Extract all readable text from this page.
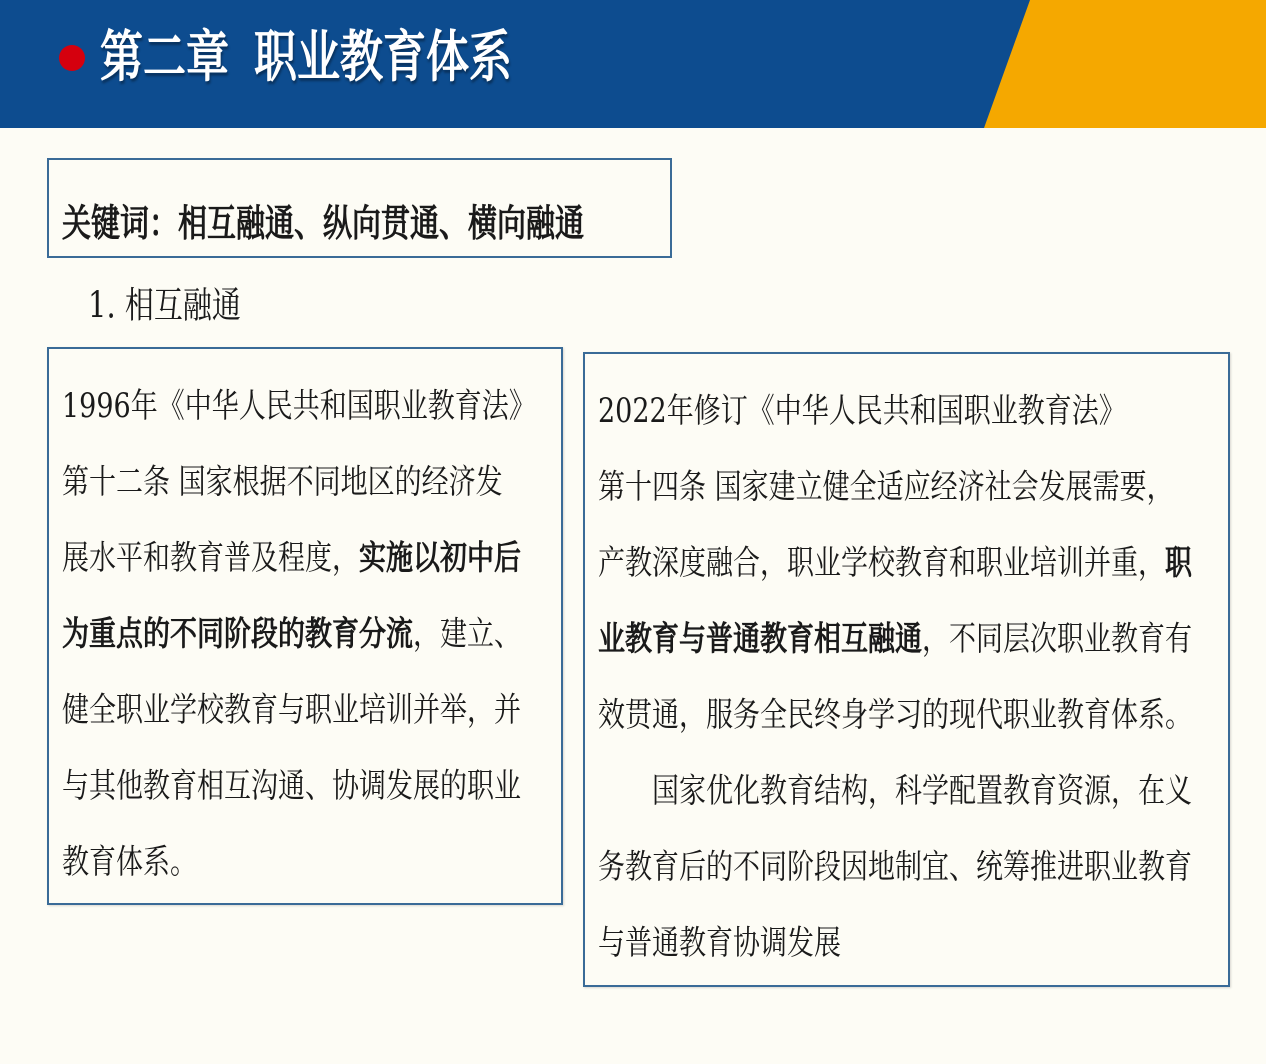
第二章 职业教育体系
关键词：相互融通、纵向贯通、横向融通
1. 相互融通
1996年《中华人民共和国职业教育法》
第十二条 国家根据不同地区的经济发
展水平和教育普及程度，实施以初中后
为重点的不同阶段的教育分流，建立、
健全职业学校教育与职业培训并举，并
与其他教育相互沟通、协调发展的职业
教育体系。
2022年修订《中华人民共和国职业教育法》
第十四条 国家建立健全适应经济社会发展需要，
产教深度融合，职业学校教育和职业培训并重，职
业教育与普通教育相互融通，不同层次职业教育有
效贯通，服务全民终身学习的现代职业教育体系。
国家优化教育结构，科学配置教育资源，在义
务教育后的不同阶段因地制宜、统筹推进职业教育
与普通教育协调发展
